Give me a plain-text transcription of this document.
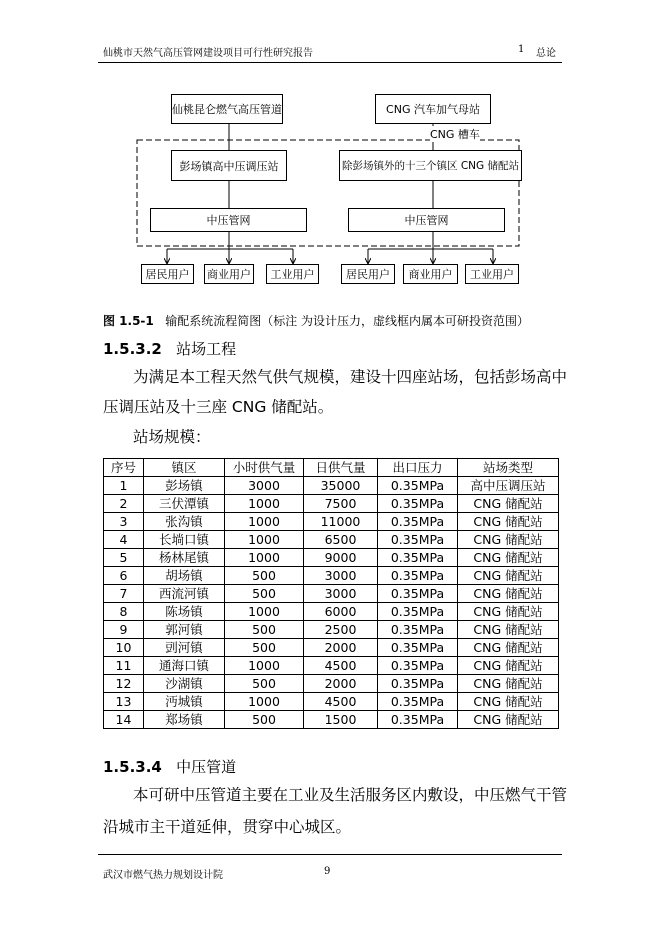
仙桃市天然气高压管网建设项目可行性研究报告	1 总论
仙桃昆仑燃气高压管道	CNG 汽车加气母站
CNG 槽车
彭场镇高中压调压站	除彭场镇外的十三个镇区 CNG 储配站
中压管网	中压管网
居民用户	商业用户	工业用户	居民用户	商业用户	工业用户
图 1.5-1 输配系统流程简图（标注 为设计压力，虚线框内属本可研投资范围）
1.5.3.2 站场工程
为满足本工程天然气供气规模，建设十四座站场，包括彭场高中
压调压站及十三座 CNG 储配站。
站场规模：
序号	镇区	小时供气量	日供气量	出口压力	站场类型
1	彭场镇	3000	35000	0.35MPa	高中压调压站
2	三伏潭镇	1000	7500	0.35MPa	CNG 储配站
3	张沟镇	1000	11000	0.35MPa	CNG 储配站
4	长埫口镇	1000	6500	0.35MPa	CNG 储配站
5	杨林尾镇	1000	9000	0.35MPa	CNG 储配站
6	胡场镇	500	3000	0.35MPa	CNG 储配站
7	西流河镇	500	3000	0.35MPa	CNG 储配站
8	陈场镇	1000	6000	0.35MPa	CNG 储配站
9	郭河镇	500	2500	0.35MPa	CNG 储配站
10	剅河镇	500	2000	0.35MPa	CNG 储配站
11	通海口镇	1000	4500	0.35MPa	CNG 储配站
12	沙湖镇	500	2000	0.35MPa	CNG 储配站
13	沔城镇	1000	4500	0.35MPa	CNG 储配站
14	郑场镇	500	1500	0.35MPa	CNG 储配站
1.5.3.4 中压管道
本可研中压管道主要在工业及生活服务区内敷设，中压燃气干管
沿城市主干道延伸，贯穿中心城区。
武汉市燃气热力规划设计院	9
